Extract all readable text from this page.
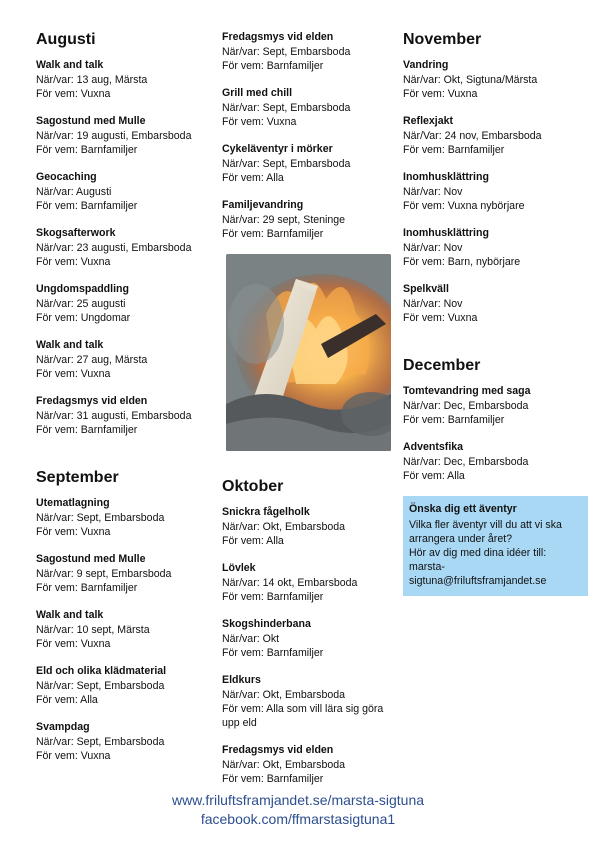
Augusti
Walk and talk
När/var: 13 aug, Märsta
För vem: Vuxna
Sagostund med Mulle
När/var: 19 augusti, Embarsboda
För vem: Barnfamiljer
Geocaching
När/var: Augusti
För vem: Barnfamiljer
Skogsafterwork
När/var: 23 augusti, Embarsboda
För vem: Vuxna
Ungdomspaddling
När/var: 25 augusti
För vem: Ungdomar
Walk and talk
När/var: 27 aug, Märsta
För vem: Vuxna
Fredagsmys vid elden
När/var: 31 augusti, Embarsboda
För vem: Barnfamiljer
September
Utematlagning
När/var: Sept, Embarsboda
För vem: Vuxna
Sagostund med Mulle
När/var: 9 sept, Embarsboda
För vem: Barnfamiljer
Walk and talk
När/var: 10 sept, Märsta
För vem: Vuxna
Eld och olika klädmaterial
När/var: Sept, Embarsboda
För vem: Alla
Svampdag
När/var: Sept, Embarsboda
För vem: Vuxna
Fredagsmys vid elden
När/var: Sept, Embarsboda
För vem: Barnfamiljer
Grill med chill
När/var: Sept, Embarsboda
För vem: Vuxna
Cykeläventyr i mörker
När/var: Sept, Embarsboda
För vem: Alla
Familjevandring
När/var: 29 sept, Steninge
För vem: Barnfamiljer
Oktober
Snickra fågelholk
När/var: Okt, Embarsboda
För vem: Alla
Lövlek
När/var: 14 okt, Embarsboda
För vem: Barnfamiljer
Skogshinderbana
När/var: Okt
För vem: Barnfamiljer
Eldkurs
När/var: Okt, Embarsboda
För vem: Alla som vill lära sig göra upp eld
Fredagsmys vid elden
När/var: Okt, Embarsboda
För vem: Barnfamiljer
November
Vandring
När/var: Okt, Sigtuna/Märsta
För vem: Vuxna
Reflexjakt
När/Var: 24 nov, Embarsboda
För vem: Barnfamiljer
Inomhusklättring
När/var: Nov
För vem: Vuxna nybörjare
Inomhusklättring
När/var: Nov
För vem: Barn, nybörjare
Spelkväll
När/var: Nov
För vem: Vuxna
December
Tomtevandring med saga
När/var: Dec, Embarsboda
För vem: Barnfamiljer
Adventsfika
När/var: Dec, Embarsboda
För vem: Alla
Önska dig ett äventyr
Vilka fler äventyr vill du att vi ska arrangera under året?
Hör av dig med dina idéer till:
marsta-sigtuna@friluftsframjandet.se
www.friluftsframjandet.se/marsta-sigtuna
facebook.com/ffmarstasigtuna1
